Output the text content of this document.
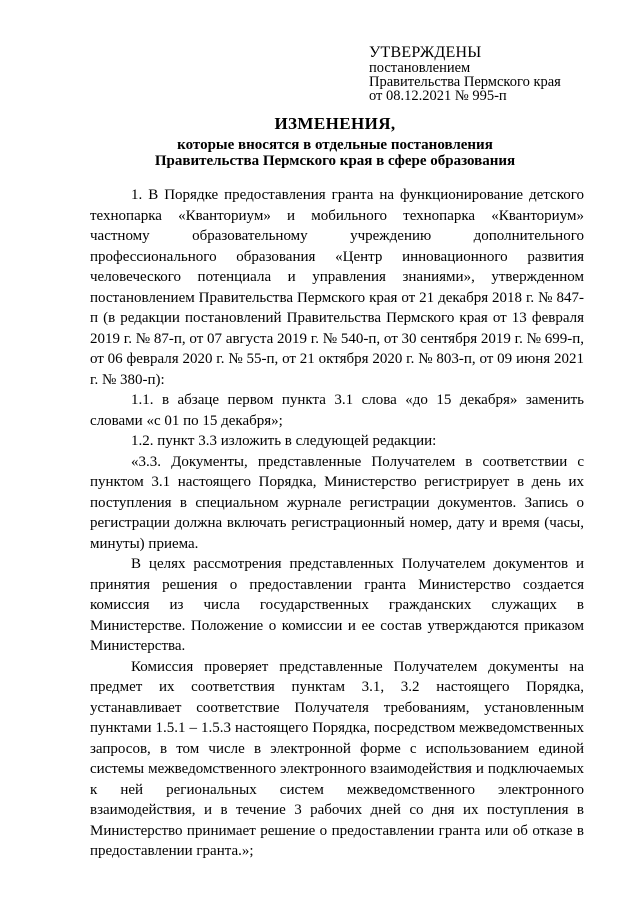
УТВЕРЖДЕНЫ
постановлением
Правительства Пермского края
от 08.12.2021 № 995-п
ИЗМЕНЕНИЯ,
которые вносятся в отдельные постановления
Правительства Пермского края в сфере образования

1. В Порядке предоставления гранта на функционирование детского технопарка «Кванториум» и мобильного технопарка «Кванториум» частному образовательному учреждению дополнительного профессионального образования «Центр инновационного развития человеческого потенциала и управления знаниями», утвержденном постановлением Правительства Пермского края от 21 декабря 2018 г. № 847-п (в редакции постановлений Правительства Пермского края от 13 февраля 2019 г. № 87-п, от 07 августа 2019 г. № 540-п, от 30 сентября 2019 г. № 699-п, от 06 февраля 2020 г. № 55-п, от 21 октября 2020 г. № 803-п, от 09 июня 2021 г. № 380-п):

1.1. в абзаце первом пункта 3.1 слова «до 15 декабря» заменить словами «с 01 по 15 декабря»;

1.2. пункт 3.3 изложить в следующей редакции:

«3.3. Документы, представленные Получателем в соответствии с пунктом 3.1 настоящего Порядка, Министерство регистрирует в день их поступления в специальном журнале регистрации документов. Запись о регистрации должна включать регистрационный номер, дату и время (часы, минуты) приема.

В целях рассмотрения представленных Получателем документов и принятия решения о предоставлении гранта Министерство создается комиссия из числа государственных гражданских служащих в Министерстве. Положение о комиссии и ее состав утверждаются приказом Министерства.

Комиссия проверяет представленные Получателем документы на предмет их соответствия пунктам 3.1, 3.2 настоящего Порядка, устанавливает соответствие Получателя требованиям, установленным пунктами 1.5.1 – 1.5.3 настоящего Порядка, посредством межведомственных запросов, в том числе в электронной форме с использованием единой системы межведомственного электронного взаимодействия и подключаемых к ней региональных систем межведомственного электронного взаимодействия, и в течение 3 рабочих дней со дня их поступления в Министерство принимает решение о предоставлении гранта или об отказе в предоставлении гранта.»;
